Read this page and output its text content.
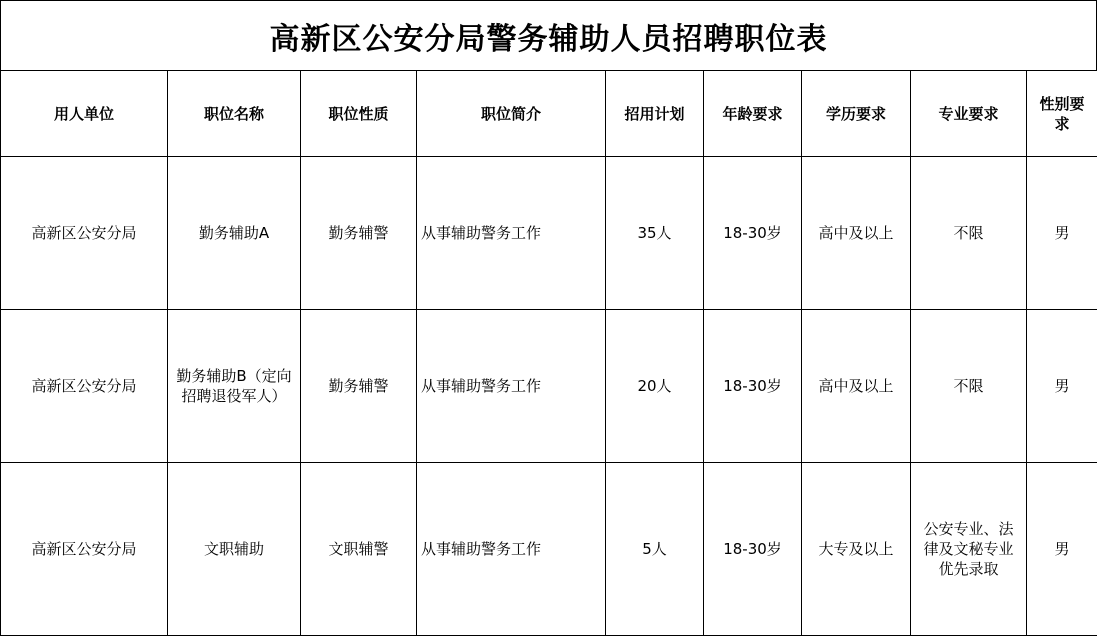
高新区公安分局警务辅助人员招聘职位表
用人单位	职位名称	职位性质	职位简介	招用计划	年龄要求	学历要求	专业要求	性别要求
高新区公安分局	勤务辅助A	勤务辅警	从事辅助警务工作	35人	18-30岁	高中及以上	不限	男
高新区公安分局	勤务辅助B（定向招聘退役军人）	勤务辅警	从事辅助警务工作	20人	18-30岁	高中及以上	不限	男
高新区公安分局	文职辅助	文职辅警	从事辅助警务工作	5人	18-30岁	大专及以上	公安专业、法律及文秘专业优先录取	男
